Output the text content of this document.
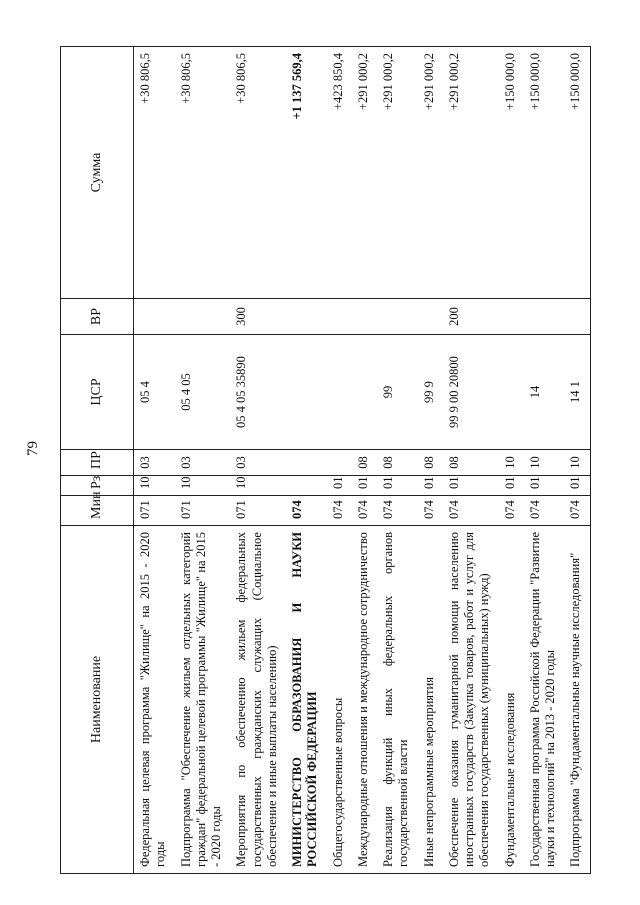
79
Наименование	Мин	Рз	ПР	ЦСР	ВР	Сумма
Федеральная целевая программа "Жилище" на 2015 - 2020 годы	071	10	03	05 4		+30 806,5
Подпрограмма "Обеспечение жильем отдельных категорий граждан" федеральной целевой программы "Жилище" на 2015 - 2020 годы	071	10	03	05 4 05		+30 806,5
Мероприятия по обеспечению жильем федеральных государственных гражданских служащих (Социальное обеспечение и иные выплаты населению)	071	10	03	05 4 05 35890	300	+30 806,5
МИНИСТЕРСТВО ОБРАЗОВАНИЯ И НАУКИ РОССИЙСКОЙ ФЕДЕРАЦИИ	074					+1 137 569,4
Общегосударственные вопросы	074	01				+423 850,4
Международные отношения и международное сотрудничество	074	01	08			+291 000,2
Реализация функций иных федеральных органов государственной власти	074	01	08	99		+291 000,2
Иные непрограммные мероприятия	074	01	08	99 9		+291 000,2
Обеспечение оказания гуманитарной помощи населению иностранных государств (Закупка товаров, работ и услуг для обеспечения государственных (муниципальных) нужд)	074	01	08	99 9 00 20800	200	+291 000,2
Фундаментальные исследования	074	01	10			+150 000,0
Государственная программа Российской Федерации "Развитие науки и технологий" на 2013 - 2020 годы	074	01	10	14		+150 000,0
Подпрограмма "Фундаментальные научные исследования"	074	01	10	14 1		+150 000,0
